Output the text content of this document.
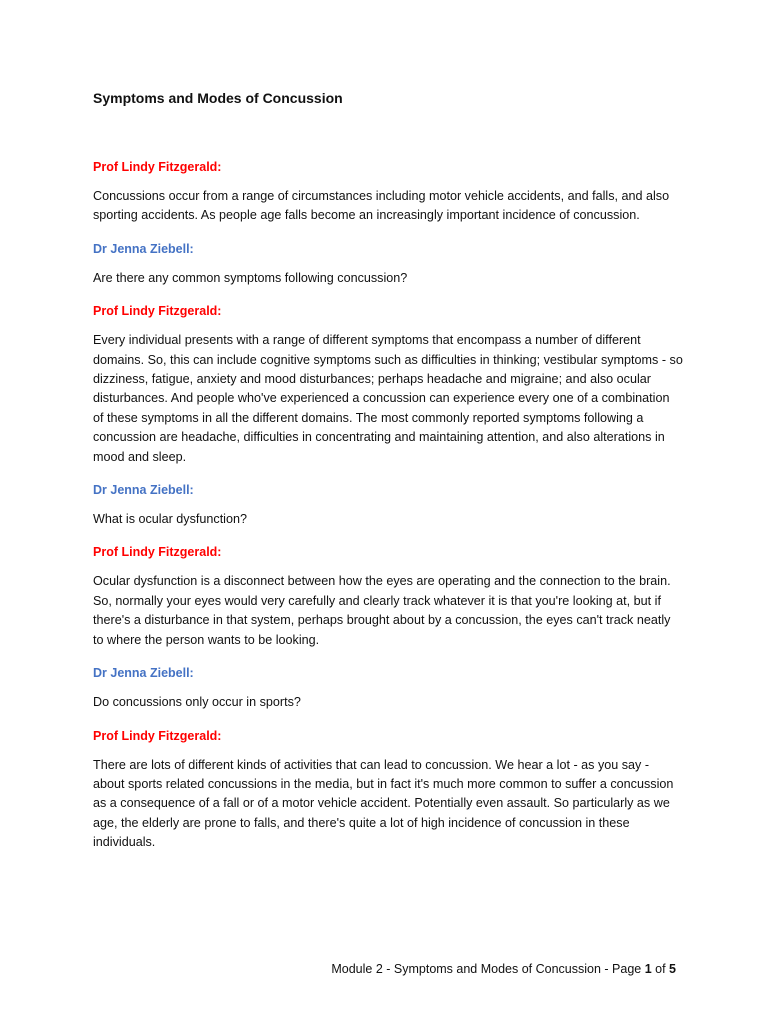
Symptoms and Modes of Concussion
Prof Lindy Fitzgerald:

Concussions occur from a range of circumstances including motor vehicle accidents, and falls, and also sporting accidents. As people age falls become an increasingly important incidence of concussion.

Dr Jenna Ziebell:

Are there any common symptoms following concussion?

Prof Lindy Fitzgerald:

Every individual presents with a range of different symptoms that encompass a number of different domains. So, this can include cognitive symptoms such as difficulties in thinking; vestibular symptoms - so dizziness, fatigue, anxiety and mood disturbances; perhaps headache and migraine; and also ocular disturbances. And people who've experienced a concussion can experience every one of a combination of these symptoms in all the different domains. The most commonly reported symptoms following a concussion are headache, difficulties in concentrating and maintaining attention, and also alterations in mood and sleep.

Dr Jenna Ziebell:

What is ocular dysfunction?

Prof Lindy Fitzgerald:

Ocular dysfunction is a disconnect between how the eyes are operating and the connection to the brain. So, normally your eyes would very carefully and clearly track whatever it is that you're looking at, but if there's a disturbance in that system, perhaps brought about by a concussion, the eyes can't track neatly to where the person wants to be looking.

Dr Jenna Ziebell:

Do concussions only occur in sports?

Prof Lindy Fitzgerald:

There are lots of different kinds of activities that can lead to concussion. We hear a lot - as you say - about sports related concussions in the media, but in fact it's much more common to suffer a concussion as a consequence of a fall or of a motor vehicle accident. Potentially even assault. So particularly as we age, the elderly are prone to falls, and there's quite a lot of high incidence of concussion in these individuals.

Module 2 - Symptoms and Modes of Concussion - Page 1 of 5
